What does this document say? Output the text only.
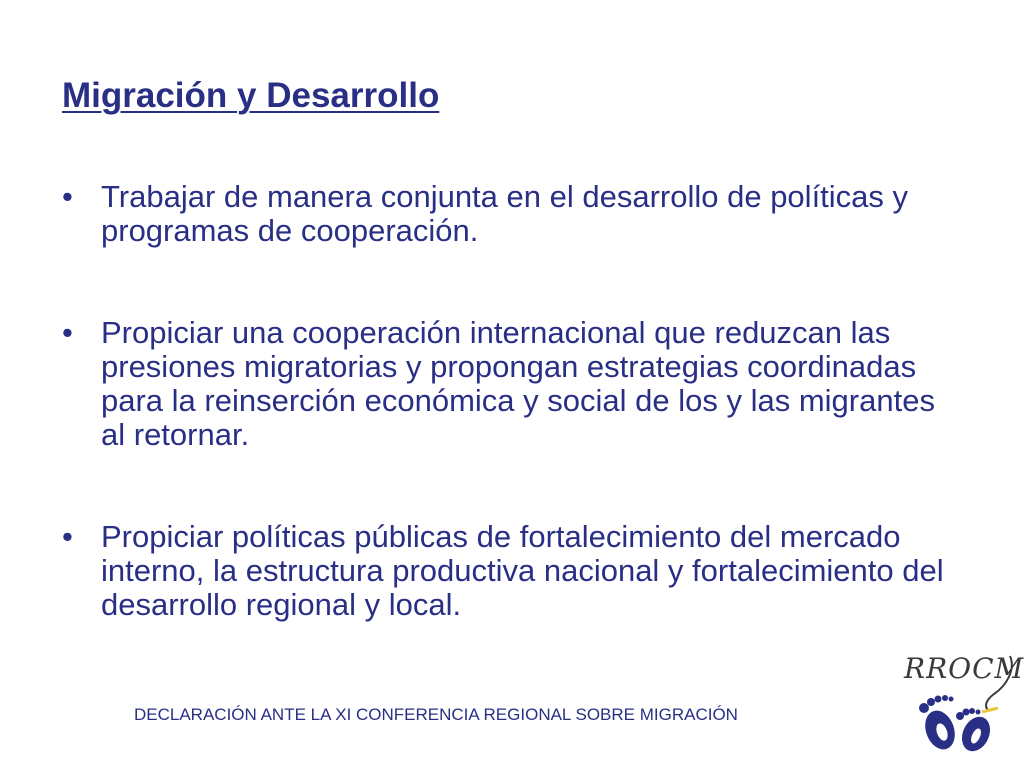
Migración y Desarrollo
• Trabajar de manera conjunta en el desarrollo de políticas y programas de cooperación.
• Propiciar una cooperación internacional que reduzcan las presiones migratorias y propongan estrategias coordinadas para la reinserción económica y social de los y las migrantes al retornar.
• Propiciar políticas públicas de fortalecimiento del mercado interno, la estructura productiva nacional y fortalecimiento del desarrollo regional y local.
DECLARACIÓN ANTE LA XI CONFERENCIA REGIONAL SOBRE MIGRACIÓN
RROCM
